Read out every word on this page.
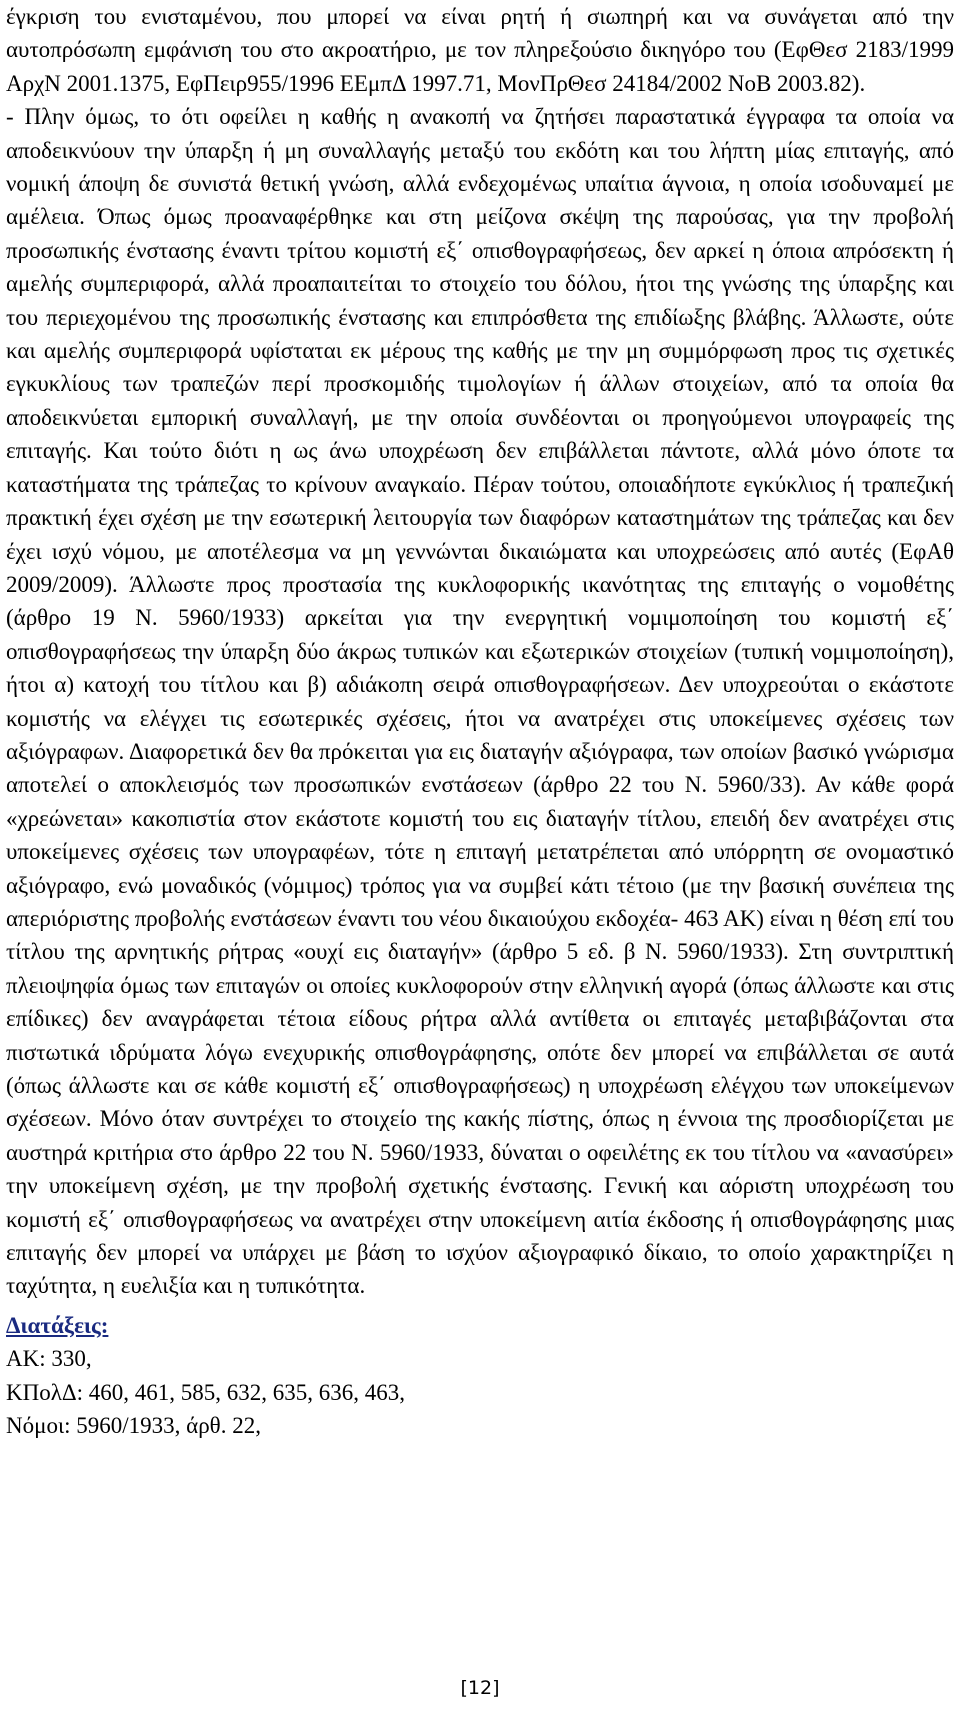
έγκριση του ενισταμένου, που μπορεί να είναι ρητή ή σιωπηρή και να συνάγεται από την αυτοπρόσωπη εμφάνιση του στο ακροατήριο, με τον πληρεξούσιο δικηγόρο του (ΕφΘεσ 2183/1999 ΑρχΝ 2001.1375, ΕφΠειρ955/1996 ΕΕμπΔ 1997.71, ΜονΠρΘεσ 24184/2002 ΝοΒ 2003.82).

- Πλην όμως, το ότι οφείλει η καθής η ανακοπή να ζητήσει παραστατικά έγγραφα τα οποία να αποδεικνύουν την ύπαρξη ή μη συναλλαγής μεταξύ του εκδότη και του λήπτη μίας επιταγής, από νομική άποψη δε συνιστά θετική γνώση, αλλά ενδεχομένως υπαίτια άγνοια, η οποία ισοδυναμεί με αμέλεια. Όπως όμως προαναφέρθηκε και στη μείζονα σκέψη της παρούσας, για την προβολή προσωπικής ένστασης έναντι τρίτου κομιστή εξ΄ οπισθογραφήσεως, δεν αρκεί η όποια απρόσεκτη ή αμελής συμπεριφορά, αλλά προαπαιτείται το στοιχείο του δόλου, ήτοι της γνώσης της ύπαρξης και του περιεχομένου της προσωπικής ένστασης και επιπρόσθετα της επιδίωξης βλάβης. Άλλωστε, ούτε και αμελής συμπεριφορά υφίσταται εκ μέρους της καθής με την μη συμμόρφωση προς τις σχετικές εγκυκλίους των τραπεζών περί προσκομιδής τιμολογίων ή άλλων στοιχείων, από τα οποία θα αποδεικνύεται εμπορική συναλλαγή, με την οποία συνδέονται οι προηγούμενοι υπογραφείς της επιταγής. Και τούτο διότι η ως άνω υποχρέωση δεν επιβάλλεται πάντοτε, αλλά μόνο όποτε τα καταστήματα της τράπεζας το κρίνουν αναγκαίο. Πέραν τούτου, οποιαδήποτε εγκύκλιος ή τραπεζική πρακτική έχει σχέση με την εσωτερική λειτουργία των διαφόρων καταστημάτων της τράπεζας και δεν έχει ισχύ νόμου, με αποτέλεσμα να μη γεννώνται δικαιώματα και υποχρεώσεις από αυτές (ΕφΑθ 2009/2009). Άλλωστε προς προστασία της κυκλοφορικής ικανότητας της επιταγής ο νομοθέτης (άρθρο 19 Ν. 5960/1933) αρκείται για την ενεργητική νομιμοποίηση του κομιστή εξ΄ οπισθογραφήσεως την ύπαρξη δύο άκρως τυπικών και εξωτερικών στοιχείων (τυπική νομιμοποίηση), ήτοι α) κατοχή του τίτλου και β) αδιάκοπη σειρά οπισθογραφήσεων. Δεν υποχρεούται ο εκάστοτε κομιστής να ελέγχει τις εσωτερικές σχέσεις, ήτοι να ανατρέχει στις υποκείμενες σχέσεις των αξιόγραφων. Διαφορετικά δεν θα πρόκειται για εις διαταγήν αξιόγραφα, των οποίων βασικό γνώρισμα αποτελεί ο αποκλεισμός των προσωπικών ενστάσεων (άρθρο 22 του Ν. 5960/33). Αν κάθε φορά «χρεώνεται» κακοπιστία στον εκάστοτε κομιστή του εις διαταγήν τίτλου, επειδή δεν ανατρέχει στις υποκείμενες σχέσεις των υπογραφέων, τότε η επιταγή μετατρέπεται από υπόρρητη σε ονομαστικό αξιόγραφο, ενώ μοναδικός (νόμιμος) τρόπος για να συμβεί κάτι τέτοιο (με την βασική συνέπεια της απεριόριστης προβολής ενστάσεων έναντι του νέου δικαιούχου εκδοχέα- 463 ΑΚ) είναι η θέση επί του τίτλου της αρνητικής ρήτρας «ουχί εις διαταγήν» (άρθρο 5 εδ. β Ν. 5960/1933). Στη συντριπτική πλειοψηφία όμως των επιταγών οι οποίες κυκλοφορούν στην ελληνική αγορά (όπως άλλωστε και στις επίδικες) δεν αναγράφεται τέτοια είδους ρήτρα αλλά αντίθετα οι επιταγές μεταβιβάζονται στα πιστωτικά ιδρύματα λόγω ενεχυρικής οπισθογράφησης, οπότε δεν μπορεί να επιβάλλεται σε αυτά (όπως άλλωστε και σε κάθε κομιστή εξ΄ οπισθογραφήσεως) η υποχρέωση ελέγχου των υποκείμενων σχέσεων. Μόνο όταν συντρέχει το στοιχείο της κακής πίστης, όπως η έννοια της προσδιορίζεται με αυστηρά κριτήρια στο άρθρο 22 του Ν. 5960/1933, δύναται ο οφειλέτης εκ του τίτλου να «ανασύρει» την υποκείμενη σχέση, με την προβολή σχετικής ένστασης. Γενική και αόριστη υποχρέωση του κομιστή εξ΄ οπισθογραφήσεως να ανατρέχει στην υποκείμενη αιτία έκδοσης ή οπισθογράφησης μιας επιταγής δεν μπορεί να υπάρχει με βάση το ισχύον αξιογραφικό δίκαιο, το οποίο χαρακτηρίζει η ταχύτητα, η ευελιξία και η τυπικότητα.

Διατάξεις:
ΑΚ: 330,
ΚΠολΔ: 460, 461, 585, 632, 635, 636, 463,
Νόμοι: 5960/1933, άρθ. 22,
[12]
